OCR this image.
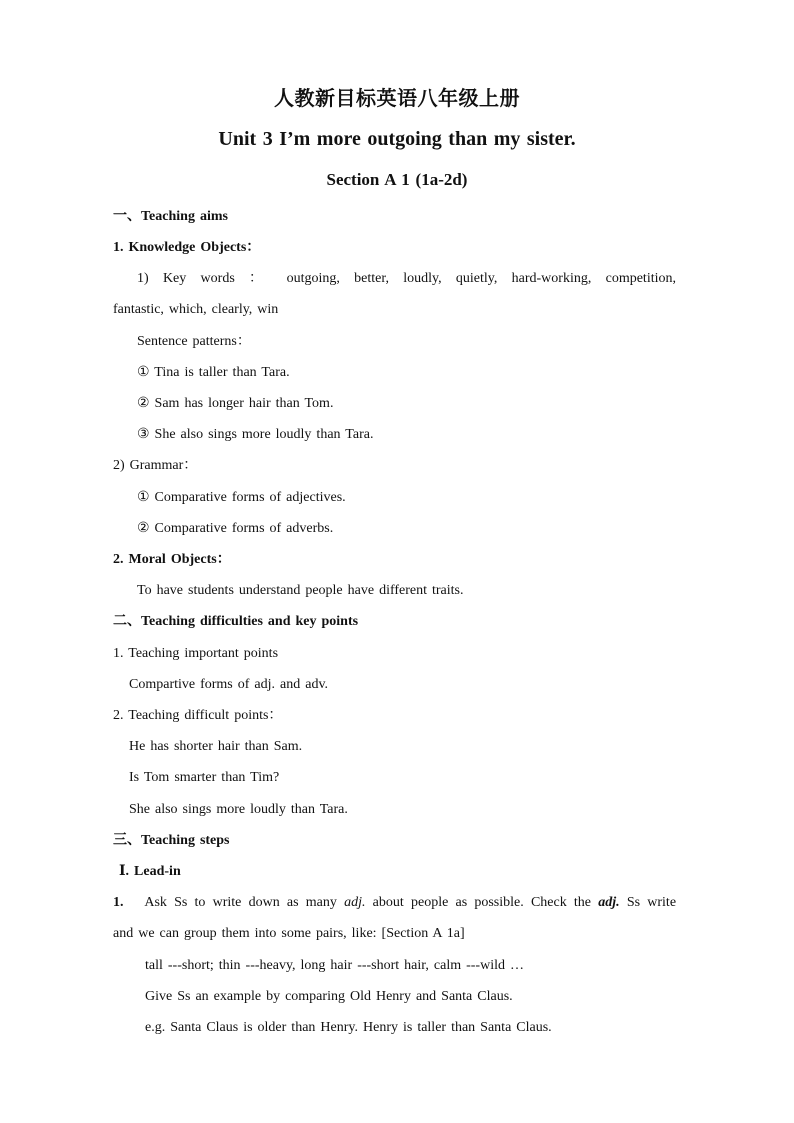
人教新目标英语八年级上册
Unit 3 I’m more outgoing than my sister.
Section A 1 (1a-2d)
一、Teaching aims
1. Knowledge Objects：
1) Key words ： outgoing, better, loudly, quietly, hard-working, competition,
fantastic, which, clearly, win
Sentence patterns：
① Tina is taller than Tara.
② Sam has longer hair than Tom.
③ She also sings more loudly than Tara.
2) Grammar：
① Comparative forms of adjectives.
② Comparative forms of adverbs.
2. Moral Objects：
To have students understand people have different traits.
二、Teaching difficulties and key points
1. Teaching important points
Compartive forms of adj. and adv.
2. Teaching difficult points：
He has shorter hair than Sam.
Is Tom smarter than Tim?
She also sings more loudly than Tara.
三、Teaching steps
Ⅰ. Lead-in
1. Ask Ss to write down as many adj. about people as possible. Check the adj. Ss write
and we can group them into some pairs, like: [Section A 1a]
tall ---short; thin ---heavy, long hair ---short hair, calm ---wild …
Give Ss an example by comparing Old Henry and Santa Claus.
e.g. Santa Claus is older than Henry. Henry is taller than Santa Claus.
